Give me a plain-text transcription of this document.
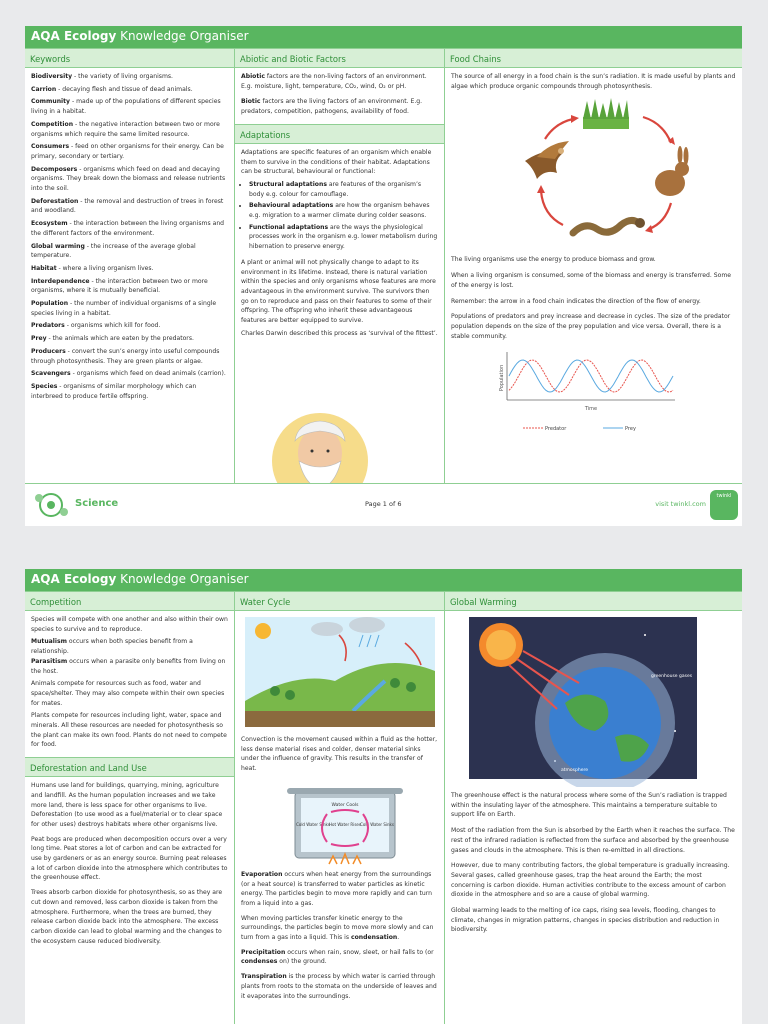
AQA Ecology Knowledge Organiser
Keywords

Biodiversity - the variety of living organisms.

Carrion - decaying flesh and tissue of dead animals.

Community - made up of the populations of different species living in a habitat.

Competition - the negative interaction between two or more organisms which require the same limited resource.

Consumers - feed on other organisms for their energy. Can be primary, secondary or tertiary.

Decomposers - organisms which feed on dead and decaying organisms. They break down the biomass and release nutrients into the soil.

Deforestation - the removal and destruction of trees in forest and woodland.

Ecosystem - the interaction between the living organisms and the different factors of the environment.

Global warming - the increase of the average global temperature.

Habitat - where a living organism lives.

Interdependence - the interaction between two or more organisms, where it is mutually beneficial.

Population - the number of individual organisms of a single species living in a habitat.

Predators - organisms which kill for food.

Prey - the animals which are eaten by the predators.

Producers - convert the sun’s energy into useful compounds through photosynthesis. They are green plants or algae.

Scavengers - organisms which feed on dead animals (carrion).

Species - organisms of similar morphology which can interbreed to produce fertile offspring.

Abiotic and Biotic Factors

Abiotic factors are the non-living factors of an environment. E.g. moisture, light, temperature, CO₂, wind, O₂ or pH.

Biotic factors are the living factors of an environment. E.g. predators, competition, pathogens, availability of food.

Adaptations

Adaptations are specific features of an organism which enable them to survive in the conditions of their habitat. Adaptations can be structural, behavioural or functional:

• Structural adaptations are features of the organism’s body e.g. colour for camouflage.
• Behavioural adaptations are how the organism behaves e.g. migration to a warmer climate during colder seasons.
• Functional adaptations are the ways the physiological processes work in the organism e.g. lower metabolism during hibernation to preserve energy.

A plant or animal will not physically change to adapt to its environment in its lifetime. Instead, there is natural variation within the species and only organisms whose features are more advantageous in the environment survive. The survivors then go on to reproduce and pass on their features to some of their offspring. The offspring who inherit these advantageous features are better equipped to survive.

Charles Darwin described this process as ‘survival of the fittest’.

Food Chains
The source of all energy in a food chain is the sun’s radiation. It is made useful by plants and algae which produce organic compounds through photosynthesis.

The living organisms use the energy to produce biomass and grow.

When a living organism is consumed, some of the biomass and energy is transferred. Some of the energy is lost.

Remember: the arrow in a food chain indicates the direction of the flow of energy.

Populations of predators and prey increase and decrease in cycles. The size of the predator population depends on the size of the prey population and vice versa. Overall, there is a stable community.

Population
Time
Predator	Prey
Science	Page 1 of 6	visit twinkl.com
twinkl
AQA Ecology Knowledge Organiser
Competition

Species will compete with one another and also within their own species to survive and to reproduce.

Mutualism occurs when both species benefit from a relationship.

Parasitism occurs when a parasite only benefits from living on the host.

Animals compete for resources such as food, water and space/shelter. They may also compete within their own species for mates.

Plants compete for resources including light, water, space and minerals. All these resources are needed for photosynthesis so the plant can make its own food. Plants do not need to compete for food.

Deforestation and Land Use

Humans use land for buildings, quarrying, mining, agriculture and landfill. As the human population increases and we take more land, there is less space for other organisms to live. Deforestation (to use wood as a fuel/material or to clear space for other uses) destroys habitats where other organisms live.

Peat bogs are produced when decomposition occurs over a very long time. Peat stores a lot of carbon and can be extracted for use by gardeners or as an energy source. Burning peat releases a lot of carbon dioxide into the atmosphere which contributes to the greenhouse effect.

Trees absorb carbon dioxide for photosynthesis, so as they are cut down and removed, less carbon dioxide is taken from the atmosphere. Furthermore, when the trees are burned, they release carbon dioxide back into the atmosphere. The excess carbon dioxide can lead to global warming and the changes to the ecosystem cause reduced biodiversity.

Water Cycle
Convection is the movement caused within a fluid as the hotter, less dense material rises and colder, denser material sinks under the influence of gravity. This results in the transfer of heat.
Water Cools
Cold Water Sinks Hot Water Rises Cold Water Sinks

Evaporation occurs when heat energy from the surroundings (or a heat source) is transferred to water particles as kinetic energy. The particles begin to move more rapidly and can turn from a liquid into a gas.

When moving particles transfer kinetic energy to the surroundings, the particles begin to move more slowly and can turn from a gas into a liquid. This is condensation.

Precipitation occurs when rain, snow, sleet, or hail falls to (or condenses on) the ground.

Transpiration is the process by which water is carried through plants from roots to the stomata on the underside of leaves and it evaporates into the surroundings.

Global Warming
greenhouse gases
atmosphere

The greenhouse effect is the natural process where some of the Sun’s radiation is trapped within the insulating layer of the atmosphere. This maintains a temperature suitable to support life on Earth.

Most of the radiation from the Sun is absorbed by the Earth when it reaches the surface. The rest of the infrared radiation is reflected from the surface and absorbed by the greenhouse gases and clouds in the atmosphere. This is then re-emitted in all directions.

However, due to many contributing factors, the global temperature is gradually increasing. Several gases, called greenhouse gases, trap the heat around the Earth; the most concerning is carbon dioxide. Human activities contribute to the excess amount of carbon dioxide in the atmosphere and so are a cause of global warming.

Global warming leads to the melting of ice caps, rising sea levels, flooding, changes to climate, changes in migration patterns, changes in species distribution and reduction in biodiversity.
